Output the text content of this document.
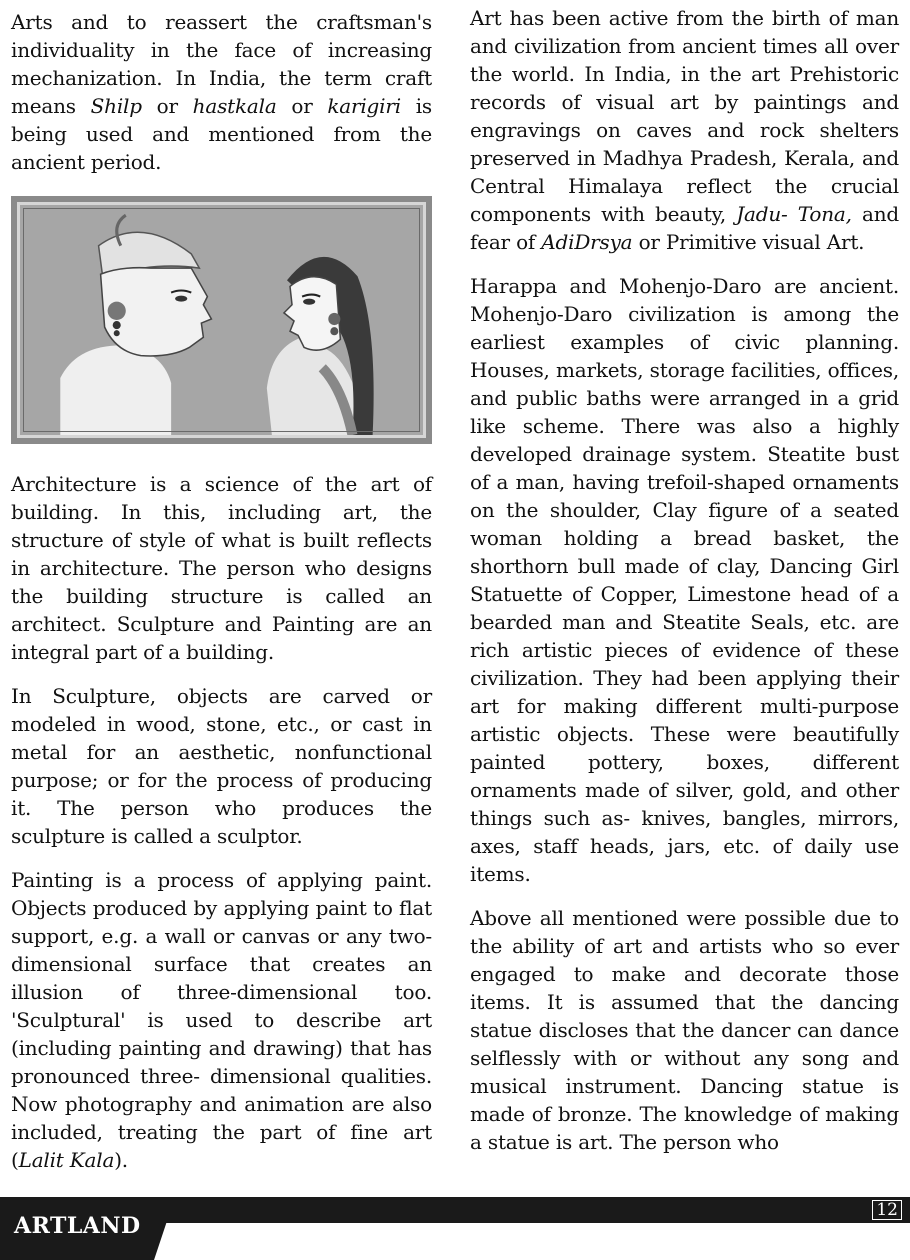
Arts and to reassert the craftsman's individuality in the face of increasing mechanization. In India, the term craft means Shilp or hastkala or karigiri is being used and mentioned from the ancient period.

Architecture is a science of the art of building. In this, including art, the structure of style of what is built reflects in architecture. The person who designs the building structure is called an architect. Sculpture and Painting are an integral part of a building.

In Sculpture, objects are carved or modeled in wood, stone, etc., or cast in metal for an aesthetic, nonfunctional purpose; or for the process of producing it. The person who produces the sculpture is called a sculptor.

Painting is a process of applying paint. Objects produced by applying paint to flat support, e.g. a wall or canvas or any two-dimensional surface that creates an illusion of three-dimensional too. 'Sculptural' is used to describe art (including painting and drawing) that has pronounced three- dimensional qualities. Now photography and animation are also included, treating the part of fine art (Lalit Kala).

Art has been active from the birth of man and civilization from ancient times all over the world. In India, in the art Prehistoric records of visual art by paintings and engravings on caves and rock shelters preserved in Madhya Pradesh, Kerala, and Central Himalaya reflect the crucial components with beauty, Jadu- Tona, and fear of AdiDrsya or Primitive visual Art.

Harappa and Mohenjo-Daro are ancient. Mohenjo-Daro civilization is among the earliest examples of civic planning. Houses, markets, storage facilities, offices, and public baths were arranged in a grid like scheme. There was also a highly developed drainage system. Steatite bust of a man, having trefoil-shaped ornaments on the shoulder, Clay figure of a seated woman holding a bread basket, the shorthorn bull made of clay, Dancing Girl Statuette of Copper, Limestone head of a bearded man and Steatite Seals, etc. are rich artistic pieces of evidence of these civilization. They had been applying their art for making different multi-purpose artistic objects. These were beautifully painted pottery, boxes, different ornaments made of silver, gold, and other things such as- knives, bangles, mirrors, axes, staff heads, jars, etc. of daily use items.

Above all mentioned were possible due to the ability of art and artists who so ever engaged to make and decorate those items. It is assumed that the dancing statue discloses that the dancer can dance selflessly with or without any song and musical instrument. Dancing statue is made of bronze. The knowledge of making a statue is art. The person who

ARTLAND
12
